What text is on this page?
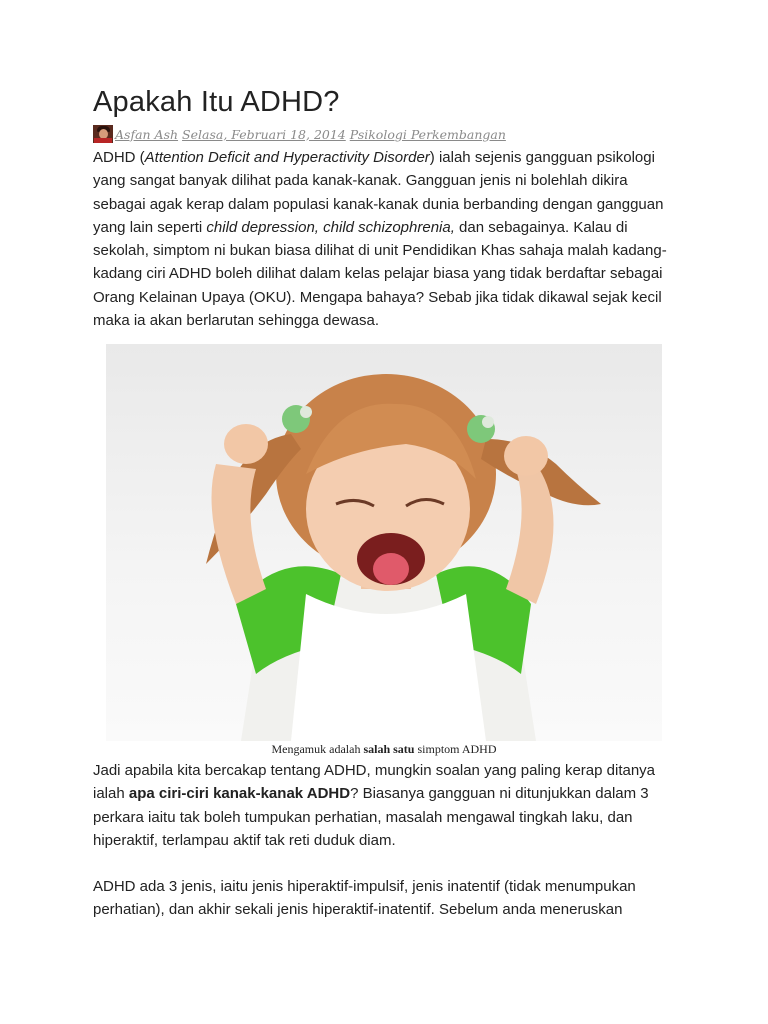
Apakah Itu ADHD?
Asfan Ash Selasa, Februari 18, 2014 Psikologi Perkembangan

ADHD (Attention Deficit and Hyperactivity Disorder) ialah sejenis gangguan psikologi yang sangat banyak dilihat pada kanak-kanak. Gangguan jenis ni bolehlah dikira sebagai agak kerap dalam populasi kanak-kanak dunia berbanding dengan gangguan yang lain seperti child depression, child schizophrenia, dan sebagainya. Kalau di sekolah, simptom ni bukan biasa dilihat di unit Pendidikan Khas sahaja malah kadang-kadang ciri ADHD boleh dilihat dalam kelas pelajar biasa yang tidak berdaftar sebagai Orang Kelainan Upaya (OKU). Mengapa bahaya? Sebab jika tidak dikawal sejak kecil maka ia akan berlarutan sehingga dewasa.

Mengamuk adalah salah satu simptom ADHD

Jadi apabila kita bercakap tentang ADHD, mungkin soalan yang paling kerap ditanya ialah apa ciri-ciri kanak-kanak ADHD? Biasanya gangguan ni ditunjukkan dalam 3 perkara iaitu tak boleh tumpukan perhatian, masalah mengawal tingkah laku, dan hiperaktif, terlampau aktif tak reti duduk diam.

ADHD ada 3 jenis, iaitu jenis hiperaktif-impulsif, jenis inatentif (tidak menumpukan perhatian), dan akhir sekali jenis hiperaktif-inatentif. Sebelum anda meneruskan
